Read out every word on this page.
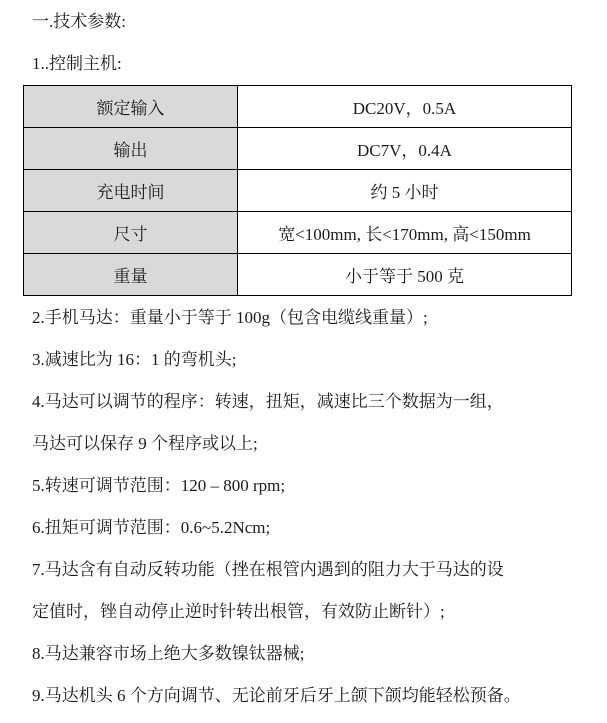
一.技术参数:
1..控制主机:
额定输入	DC20V，0.5A
输出	DC7V，0.4A
充电时间	约 5 小时
尺寸	宽<100mm, 长<170mm, 高<150mm
重量	小于等于 500 克
2.手机马达：重量小于等于 100g（包含电缆线重量）;
3.减速比为 16：1 的弯机头;
4.马达可以调节的程序：转速，扭矩，减速比三个数据为一组，
马达可以保存 9 个程序或以上;
5.转速可调节范围：120 – 800 rpm;
6.扭矩可调节范围：0.6~5.2Ncm;
7.马达含有自动反转功能（挫在根管内遇到的阻力大于马达的设
定值时，锉自动停止逆时针转出根管，有效防止断针）;
8.马达兼容市场上绝大多数镍钛器械;
9.马达机头 6 个方向调节、无论前牙后牙上颌下颌均能轻松预备。
